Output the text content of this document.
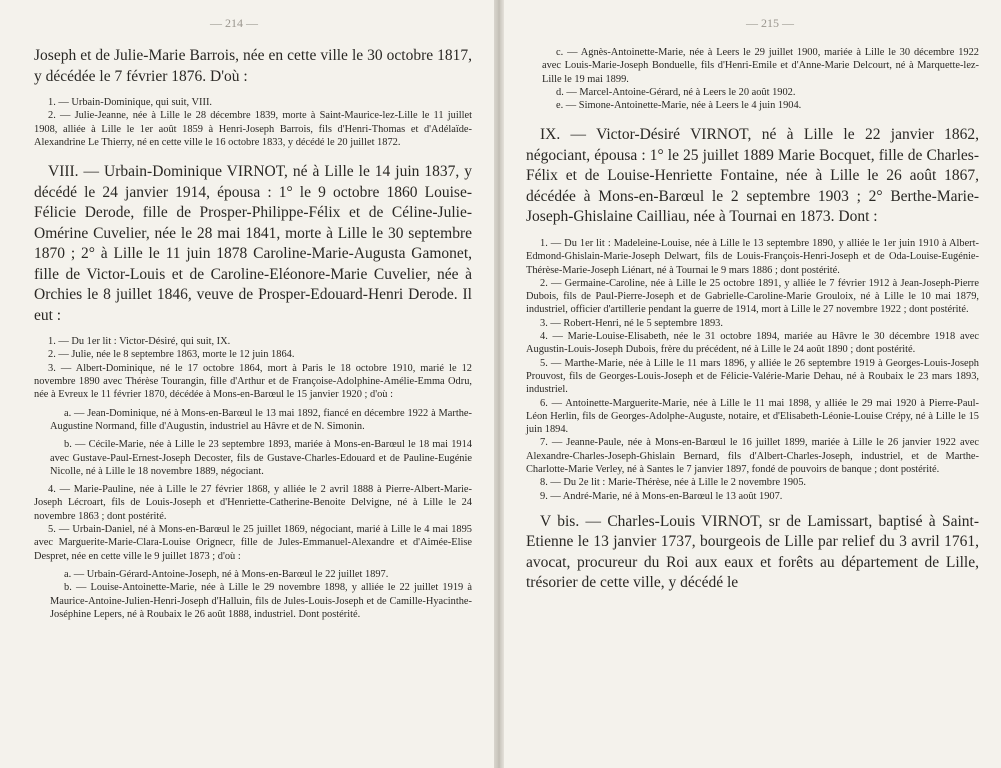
— 214 —

Joseph et de Julie-Marie Barrois, née en cette ville le 30 octobre 1817, y décédée le 7 février 1876. D'où :

1. — Urbain-Dominique, qui suit, VIII.

2. — Julie-Jeanne, née à Lille le 28 décembre 1839, morte à Saint-Maurice-lez-Lille le 11 juillet 1908, alliée à Lille le 1er août 1859 à Henri-Joseph Barrois, fils d'Henri-Thomas et d'Adélaïde-Alexandrine Le Thierry, né en cette ville le 16 octobre 1833, y décédé le 20 juillet 1872.

VIII. — Urbain-Dominique VIRNOT, né à Lille le 14 juin 1837, y décédé le 24 janvier 1914, épousa : 1° le 9 octobre 1860 Louise-Félicie Derode, fille de Prosper-Philippe-Félix et de Céline-Julie-Omérine Cuvelier, née le 28 mai 1841, morte à Lille le 30 septembre 1870 ; 2° à Lille le 11 juin 1878 Caroline-Marie-Augusta Gamonet, fille de Victor-Louis et de Caroline-Eléonore-Marie Cuvelier, née à Orchies le 8 juillet 1846, veuve de Prosper-Edouard-Henri Derode. Il eut :

1. — Du 1er lit : Victor-Désiré, qui suit, IX.

2. — Julie, née le 8 septembre 1863, morte le 12 juin 1864.

3. — Albert-Dominique, né le 17 octobre 1864, mort à Paris le 18 octobre 1910, marié le 12 novembre 1890 avec Thérèse Tourangin, fille d'Arthur et de Françoise-Adolphine-Amélie-Emma Odru, née à Evreux le 11 février 1870, décédée à Mons-en-Barœul le 15 janvier 1920 ; d'où :

a. — Jean-Dominique, né à Mons-en-Barœul le 13 mai 1892, fiancé en décembre 1922 à Marthe-Augustine Normand, fille d'Augustin, industriel au Hâvre et de N. Simonin.

b. — Cécile-Marie, née à Lille le 23 septembre 1893, mariée à Mons-en-Barœul le 18 mai 1914 avec Gustave-Paul-Ernest-Joseph Decoster, fils de Gustave-Charles-Edouard et de Pauline-Eugénie Nicolle, né à Lille le 18 novembre 1889, négociant.

4. — Marie-Pauline, née à Lille le 27 février 1868, y alliée le 2 avril 1888 à Pierre-Albert-Marie-Joseph Lécroart, fils de Louis-Joseph et d'Henriette-Catherine-Benoite Delvigne, né à Lille le 24 novembre 1863 ; dont postérité.

5. — Urbain-Daniel, né à Mons-en-Barœul le 25 juillet 1869, négociant, marié à Lille le 4 mai 1895 avec Marguerite-Marie-Clara-Louise Orignecr, fille de Jules-Emmanuel-Alexandre et d'Aimée-Elise Despret, née en cette ville le 9 juillet 1873 ; d'où :

a. — Urbain-Gérard-Antoine-Joseph, né à Mons-en-Barœul le 22 juillet 1897.

b. — Louise-Antoinette-Marie, née à Lille le 29 novembre 1898, y alliée le 22 juillet 1919 à Maurice-Antoine-Julien-Henri-Joseph d'Halluin, fils de Jules-Louis-Joseph et de Camille-Hyacinthe-Joséphine Lepers, né à Roubaix le 26 août 1888, industriel. Dont postérité.

— 215 —

c. — Agnès-Antoinette-Marie, née à Leers le 29 juillet 1900, mariée à Lille le 30 décembre 1922 avec Louis-Marie-Joseph Bonduelle, fils d'Henri-Emile et d'Anne-Marie Delcourt, né à Marquette-lez-Lille le 19 mai 1899.

d. — Marcel-Antoine-Gérard, né à Leers le 20 août 1902.

e. — Simone-Antoinette-Marie, née à Leers le 4 juin 1904.

IX. — Victor-Désiré VIRNOT, né à Lille le 22 janvier 1862, négociant, épousa : 1° le 25 juillet 1889 Marie Bocquet, fille de Charles-Félix et de Louise-Henriette Fontaine, née à Lille le 26 août 1867, décédée à Mons-en-Barœul le 2 septembre 1903 ; 2° Berthe-Marie-Joseph-Ghislaine Cailliau, née à Tournai en 1873. Dont :

1. — Du 1er lit : Madeleine-Louise, née à Lille le 13 septembre 1890, y alliée le 1er juin 1910 à Albert-Edmond-Ghislain-Marie-Joseph Delwart, fils de Louis-François-Henri-Joseph et de Oda-Louise-Eugénie-Thérèse-Marie-Joseph Liénart, né à Tournai le 9 mars 1886 ; dont postérité.

2. — Germaine-Caroline, née à Lille le 25 octobre 1891, y alliée le 7 février 1912 à Jean-Joseph-Pierre Dubois, fils de Paul-Pierre-Joseph et de Gabrielle-Caroline-Marie Grouloix, né à Lille le 10 mai 1879, industriel, officier d'artillerie pendant la guerre de 1914, mort à Lille le 27 novembre 1922 ; dont postérité.

3. — Robert-Henri, né le 5 septembre 1893.

4. — Marie-Louise-Elisabeth, née le 31 octobre 1894, mariée au Hâvre le 30 décembre 1918 avec Augustin-Louis-Joseph Dubois, frère du précédent, né à Lille le 24 août 1890 ; dont postérité.

5. — Marthe-Marie, née à Lille le 11 mars 1896, y alliée le 26 septembre 1919 à Georges-Louis-Joseph Prouvost, fils de Georges-Louis-Joseph et de Félicie-Valérie-Marie Dehau, né à Roubaix le 23 mars 1893, industriel.

6. — Antoinette-Marguerite-Marie, née à Lille le 11 mai 1898, y alliée le 29 mai 1920 à Pierre-Paul-Léon Herlin, fils de Georges-Adolphe-Auguste, notaire, et d'Elisabeth-Léonie-Louise Crépy, né à Lille le 15 juin 1894.

7. — Jeanne-Paule, née à Mons-en-Barœul le 16 juillet 1899, mariée à Lille le 26 janvier 1922 avec Alexandre-Charles-Joseph-Ghislain Bernard, fils d'Albert-Charles-Joseph, industriel, et de Marthe-Charlotte-Marie Verley, né à Santes le 7 janvier 1897, fondé de pouvoirs de banque ; dont postérité.

8. — Du 2e lit : Marie-Thérèse, née à Lille le 2 novembre 1905.

9. — André-Marie, né à Mons-en-Barœul le 13 août 1907.

V bis. — Charles-Louis VIRNOT, sr de Lamissart, baptisé à Saint-Etienne le 13 janvier 1737, bourgeois de Lille par relief du 3 avril 1761, avocat, procureur du Roi aux eaux et forêts au département de Lille, trésorier de cette ville, y décédé le
